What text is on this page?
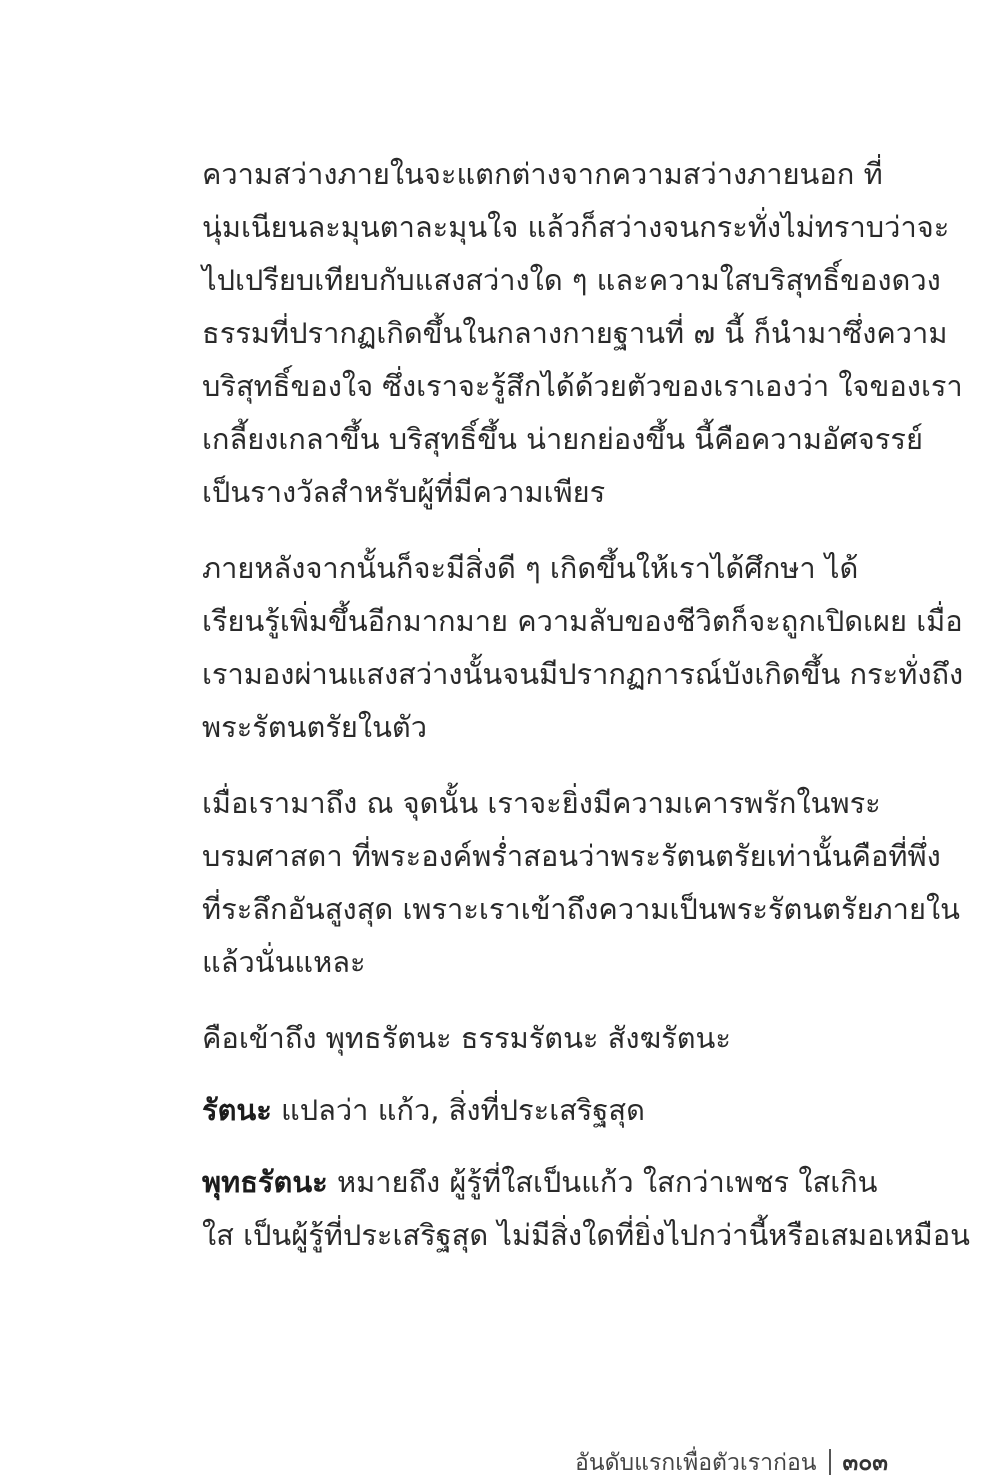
ความสว่างภายในจะแตกต่างจากความสว่างภายนอก ที่
นุ่มเนียนละมุนตาละมุนใจ แล้วก็สว่างจนกระทั่งไม่ทราบว่าจะ
ไปเปรียบเทียบกับแสงสว่างใด ๆ และความใสบริสุทธิ์ของดวง
ธรรมที่ปรากฏเกิดขึ้นในกลางกายฐานที่ ๗ นี้ ก็นำมาซึ่งความ
บริสุทธิ์ของใจ ซึ่งเราจะรู้สึกได้ด้วยตัวของเราเองว่า ใจของเรา
เกลี้ยงเกลาขึ้น บริสุทธิ์ขึ้น น่ายกย่องขึ้น นี้คือความอัศจรรย์
เป็นรางวัลสำหรับผู้ที่มีความเพียร

ภายหลังจากนั้นก็จะมีสิ่งดี ๆ เกิดขึ้นให้เราได้ศึกษา ได้
เรียนรู้เพิ่มขึ้นอีกมากมาย ความลับของชีวิตก็จะถูกเปิดเผย เมื่อ
เรามองผ่านแสงสว่างนั้นจนมีปรากฏการณ์บังเกิดขึ้น กระทั่งถึง
พระรัตนตรัยในตัว

เมื่อเรามาถึง ณ จุดนั้น เราจะยิ่งมีความเคารพรักในพระ
บรมศาสดา ที่พระองค์พร่ำสอนว่าพระรัตนตรัยเท่านั้นคือที่พึ่ง
ที่ระลึกอันสูงสุด เพราะเราเข้าถึงความเป็นพระรัตนตรัยภายใน
แล้วนั่นแหละ

คือเข้าถึง พุทธรัตนะ ธรรมรัตนะ สังฆรัตนะ

รัตนะ แปลว่า แก้ว, สิ่งที่ประเสริฐสุด

พุทธรัตนะ หมายถึง ผู้รู้ที่ใสเป็นแก้ว ใสกว่าเพชร ใสเกิน
ใส เป็นผู้รู้ที่ประเสริฐสุด ไม่มีสิ่งใดที่ยิ่งไปกว่านี้หรือเสมอเหมือน

อันดับแรกเพื่อตัวเราก่อน ๓๐๓
